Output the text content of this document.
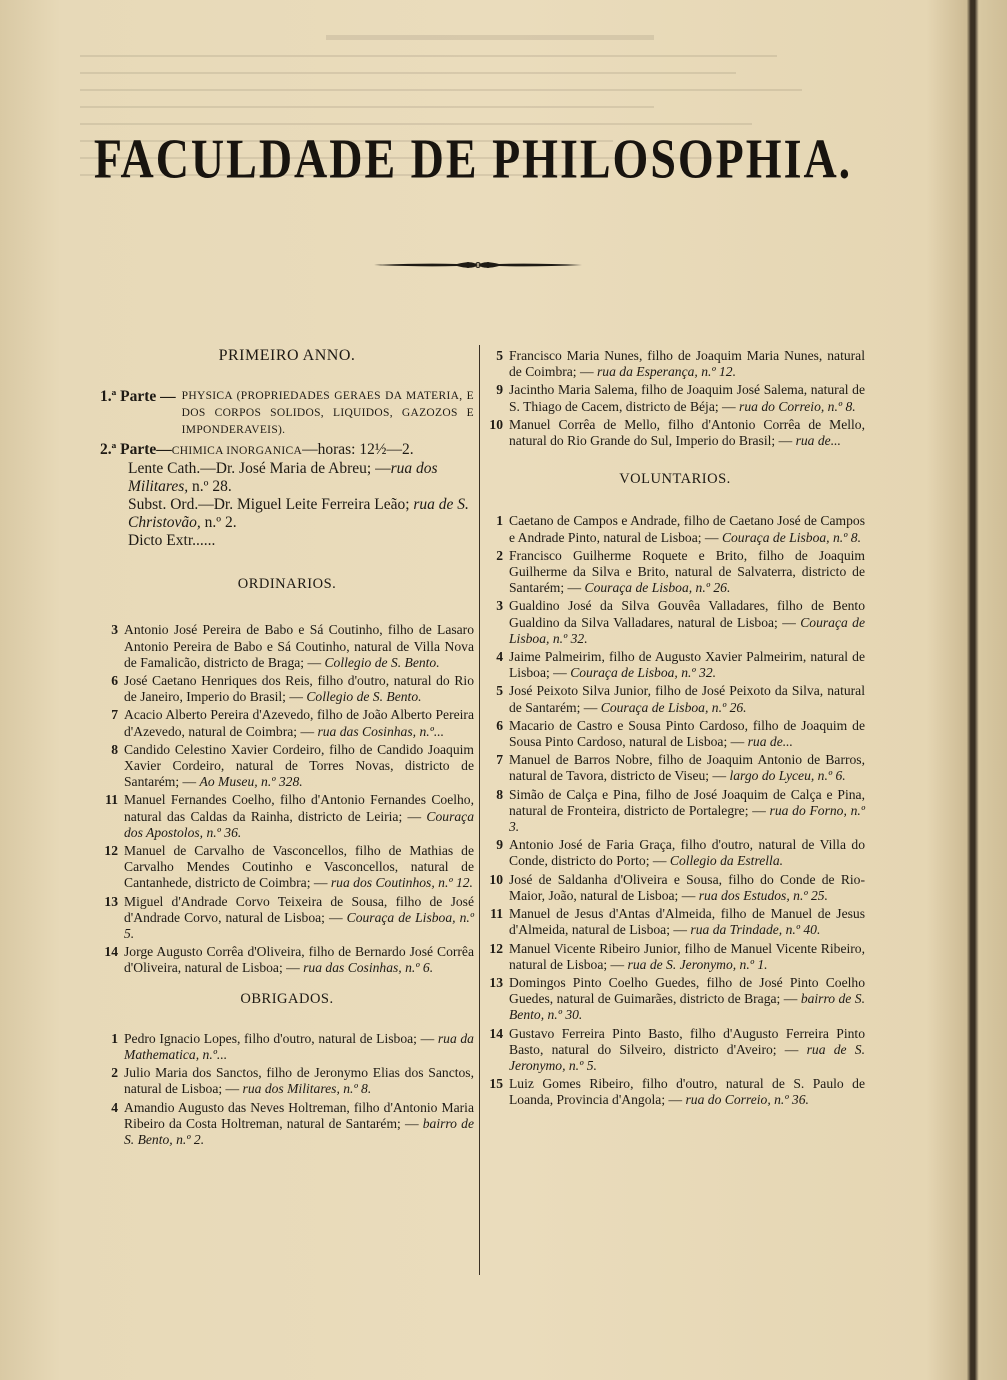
FACULDADE DE PHILOSOPHIA.
PRIMEIRO ANNO.
1.ª Parte — PHYSICA (PROPRIEDADES GERAES DA MATERIA, E DOS CORPOS SOLIDOS, LIQUIDOS, GAZOZOS E IMPONDERAVEIS).
2.ª Parte—CHIMICA INORGANICA—horas: 12½—2.
Lente Cath.—Dr. José Maria de Abreu; —rua dos Militares, n.º 28.
Subst. Ord.—Dr. Miguel Leite Ferreira Leão; rua de S. Christovão, n.º 2.
Dicto Extr......
ORDINARIOS.
3 Antonio José Pereira de Babo e Sá Coutinho, filho de Lasaro Antonio Pereira de Babo e Sá Coutinho, natural de Villa Nova de Famalicão, districto de Braga; — Collegio de S. Bento.
6 José Caetano Henriques dos Reis, filho d'outro, natural do Rio de Janeiro, Imperio do Brasil; — Collegio de S. Bento.
7 Acacio Alberto Pereira d'Azevedo, filho de João Alberto Pereira d'Azevedo, natural de Coimbra; — rua das Cosinhas, n.º...
8 Candido Celestino Xavier Cordeiro, filho de Candido Joaquim Xavier Cordeiro, natural de Torres Novas, districto de Santarém; — Ao Museu, n.º 328.
11 Manuel Fernandes Coelho, filho d'Antonio Fernandes Coelho, natural das Caldas da Rainha, districto de Leiria; — Couraça dos Apostolos, n.º 36.
12 Manuel de Carvalho de Vasconcellos, filho de Mathias de Carvalho Mendes Coutinho e Vasconcellos, natural de Cantanhede, districto de Coimbra; — rua dos Coutinhos, n.º 12.
13 Miguel d'Andrade Corvo Teixeira de Sousa, filho de José d'Andrade Corvo, natural de Lisboa; — Couraça de Lisboa, n.º 5.
14 Jorge Augusto Corrêa d'Oliveira, filho de Bernardo José Corrêa d'Oliveira, natural de Lisboa; — rua das Cosinhas, n.º 6.
OBRIGADOS.
1 Pedro Ignacio Lopes, filho d'outro, natural de Lisboa; — rua da Mathematica, n.º...
2 Julio Maria dos Sanctos, filho de Jeronymo Elias dos Sanctos, natural de Lisboa; — rua dos Militares, n.º 8.
4 Amandio Augusto das Neves Holtreman, filho d'Antonio Maria Ribeiro da Costa Holtreman, natural de Santarém; — bairro de S. Bento, n.º 2.
5 Francisco Maria Nunes, filho de Joaquim Maria Nunes, natural de Coimbra; — rua da Esperança, n.º 12.
9 Jacintho Maria Salema, filho de Joaquim José Salema, natural de S. Thiago de Cacem, districto de Béja; — rua do Correio, n.º 8.
10 Manuel Corrêa de Mello, filho d'Antonio Corrêa de Mello, natural do Rio Grande do Sul, Imperio do Brasil; — rua de...
VOLUNTARIOS.
1 Caetano de Campos e Andrade, filho de Caetano José de Campos e Andrade Pinto, natural de Lisboa; — Couraça de Lisboa, n.º 8.
2 Francisco Guilherme Roquete e Brito, filho de Joaquim Guilherme da Silva e Brito, natural de Salvaterra, districto de Santarém; — Couraça de Lisboa, n.º 26.
3 Gualdino José da Silva Gouvêa Valladares, filho de Bento Gualdino da Silva Valladares, natural de Lisboa; — Couraça de Lisboa, n.º 32.
4 Jaime Palmeirim, filho de Augusto Xavier Palmeirim, natural de Lisboa; — Couraça de Lisboa, n.º 32.
5 José Peixoto Silva Junior, filho de José Peixoto da Silva, natural de Santarém; — Couraça de Lisboa, n.º 26.
6 Macario de Castro e Sousa Pinto Cardoso, filho de Joaquim de Sousa Pinto Cardoso, natural de Lisboa; — rua de...
7 Manuel de Barros Nobre, filho de Joaquim Antonio de Barros, natural de Tavora, districto de Viseu; — largo do Lyceu, n.º 6.
8 Simão de Calça e Pina, filho de José Joaquim de Calça e Pina, natural de Fronteira, districto de Portalegre; — rua do Forno, n.º 3.
9 Antonio José de Faria Graça, filho d'outro, natural de Villa do Conde, districto do Porto; — Collegio da Estrella.
10 José de Saldanha d'Oliveira e Sousa, filho do Conde de Rio-Maior, João, natural de Lisboa; — rua dos Estudos, n.º 25.
11 Manuel de Jesus d'Antas d'Almeida, filho de Manuel de Jesus d'Almeida, natural de Lisboa; — rua da Trindade, n.º 40.
12 Manuel Vicente Ribeiro Junior, filho de Manuel Vicente Ribeiro, natural de Lisboa; — rua de S. Jeronymo, n.º 1.
13 Domingos Pinto Coelho Guedes, filho de José Pinto Coelho Guedes, natural de Guimarães, districto de Braga; — bairro de S. Bento, n.º 30.
14 Gustavo Ferreira Pinto Basto, filho d'Augusto Ferreira Pinto Basto, natural do Silveiro, districto d'Aveiro; — rua de S. Jeronymo, n.º 5.
15 Luiz Gomes Ribeiro, filho d'outro, natural de S. Paulo de Loanda, Provincia d'Angola; — rua do Correio, n.º 36.
